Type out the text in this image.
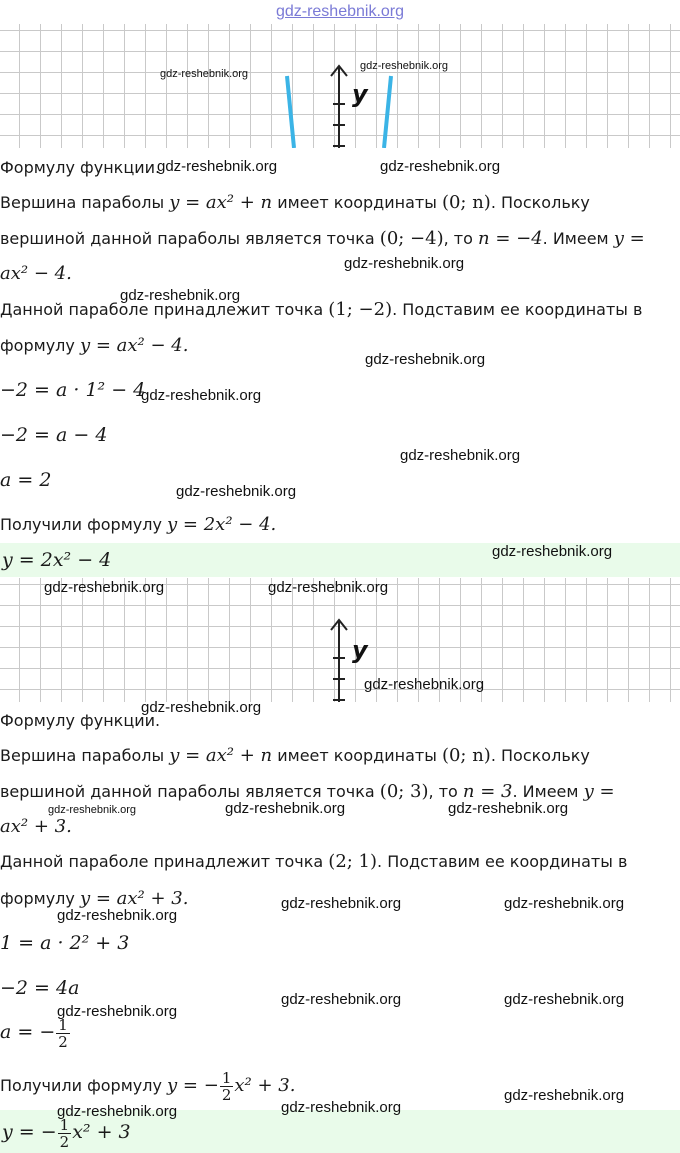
gdz-reshebnik.org
y
Формулу функции.
Вершина параболы y = ax² + n имеет координаты (0; n). Поскольку
вершиной данной параболы является точка (0; −4), то n = −4. Имеем y =
ax² − 4.
Данной параболе принадлежит точка (1; −2). Подставим ее координаты в
формулу y = ax² − 4.
−2 = a · 1² − 4
−2 = a − 4
a = 2
Получили формулу y = 2x² − 4.
y = 2x² − 4
y
Формулу функции.
Вершина параболы y = ax² + n имеет координаты (0; n). Поскольку
вершиной данной параболы является точка (0; 3), то n = 3. Имеем y =
ax² + 3.
Данной параболе принадлежит точка (2; 1). Подставим ее координаты в
формулу y = ax² + 3.
1 = a · 2² + 3
−2 = 4a
a = − $\frac{1}{2}$
Получили формулу y = − $\frac{1}{2} x^2 + 3$.
y = − $\frac{1}{2} x^2 + 3$
gdz-reshebnik.org
gdz-reshebnik.org
gdz-reshebnik.org	gdz-reshebnik.org
gdz-reshebnik.org
gdz-reshebnik.org
gdz-reshebnik.org
gdz-reshebnik.org
gdz-reshebnik.org
gdz-reshebnik.org
gdz-reshebnik.org
gdz-reshebnik.org	gdz-reshebnik.org
gdz-reshebnik.org
gdz-reshebnik.org
gdz-reshebnik.org	gdz-reshebnik.org	gdz-reshebnik.org
gdz-reshebnik.org
gdz-reshebnik.org	gdz-reshebnik.org
gdz-reshebnik.org	gdz-reshebnik.org
gdz-reshebnik.org
gdz-reshebnik.org
gdz-reshebnik.org	gdz-reshebnik.org
